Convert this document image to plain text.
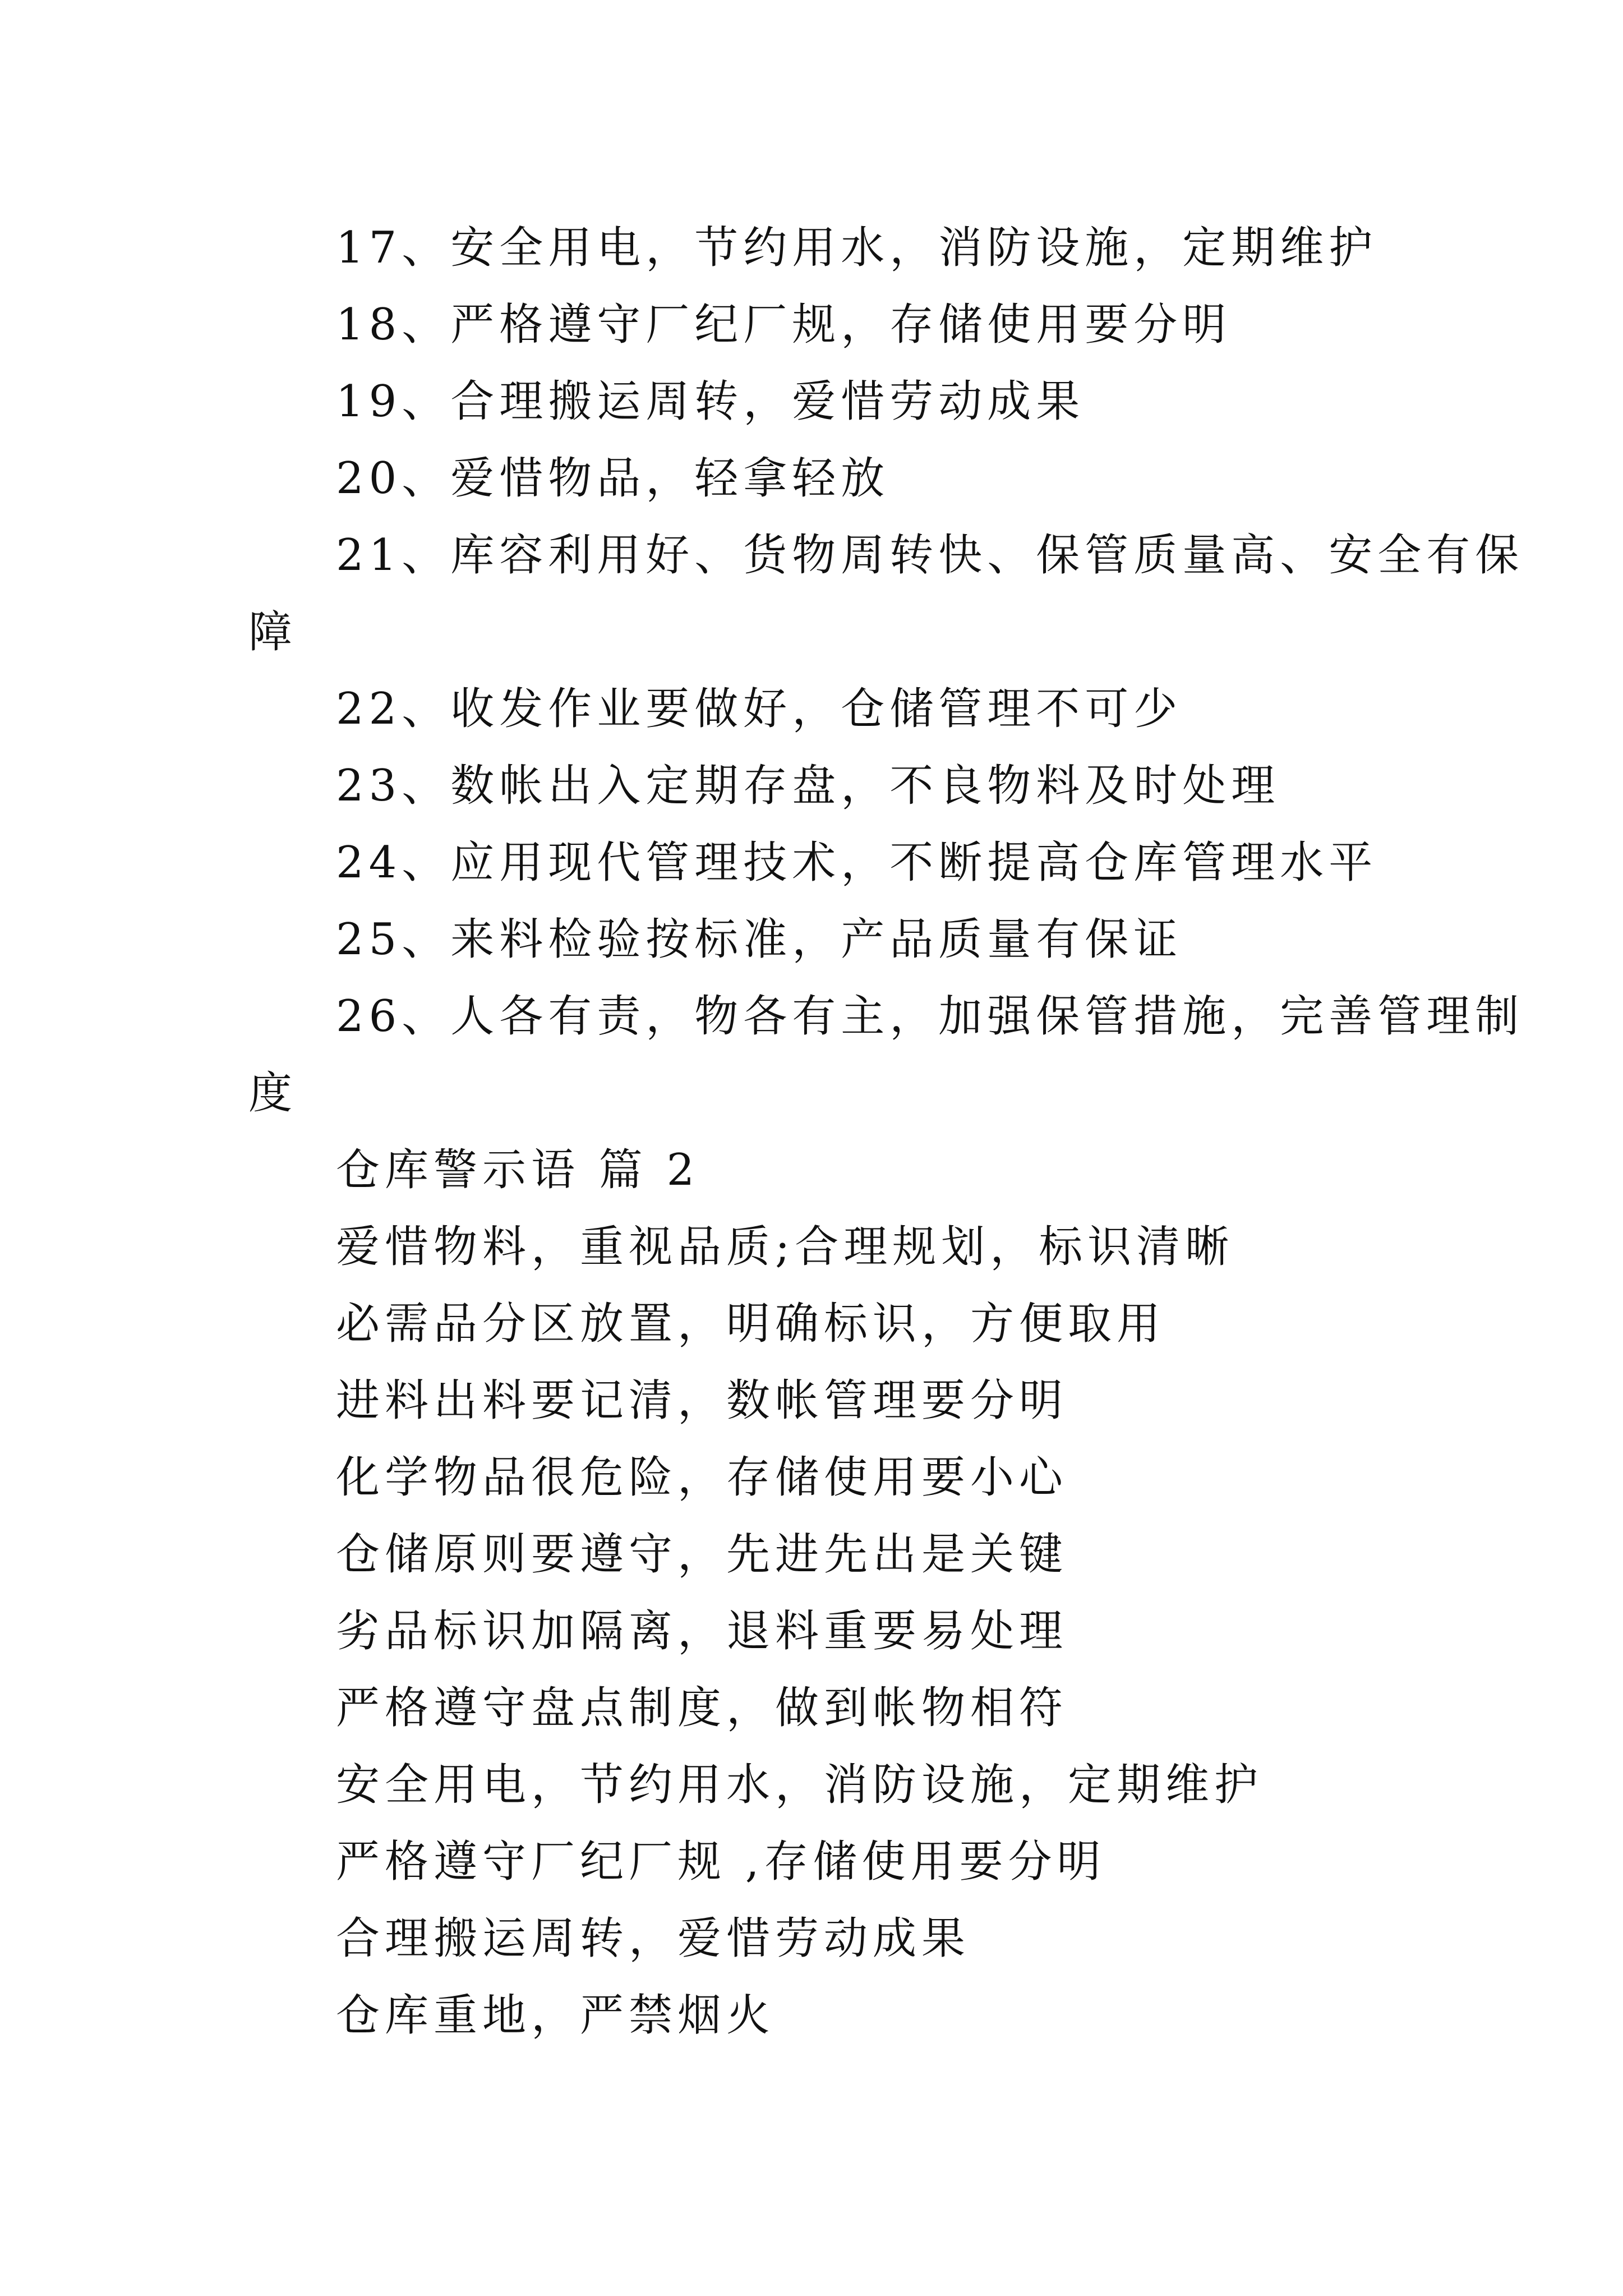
17、安全用电，节约用水，消防设施，定期维护
18、严格遵守厂纪厂规，存储使用要分明
19、合理搬运周转，爱惜劳动成果
20、爱惜物品，轻拿轻放
21、库容利用好、货物周转快、保管质量高、安全有保
障
22、收发作业要做好，仓储管理不可少
23、数帐出入定期存盘，不良物料及时处理
24、应用现代管理技术，不断提高仓库管理水平
25、来料检验按标准，产品质量有保证
26、人各有责，物各有主，加强保管措施，完善管理制
度
仓库警示语 篇 2
爱惜物料，重视品质;合理规划，标识清晰
必需品分区放置，明确标识，方便取用
进料出料要记清，数帐管理要分明
化学物品很危险，存储使用要小心
仓储原则要遵守，先进先出是关键
劣品标识加隔离，退料重要易处理
严格遵守盘点制度，做到帐物相符
安全用电，节约用水，消防设施，定期维护
严格遵守厂纪厂规 ,存储使用要分明
合理搬运周转，爱惜劳动成果
仓库重地，严禁烟火
